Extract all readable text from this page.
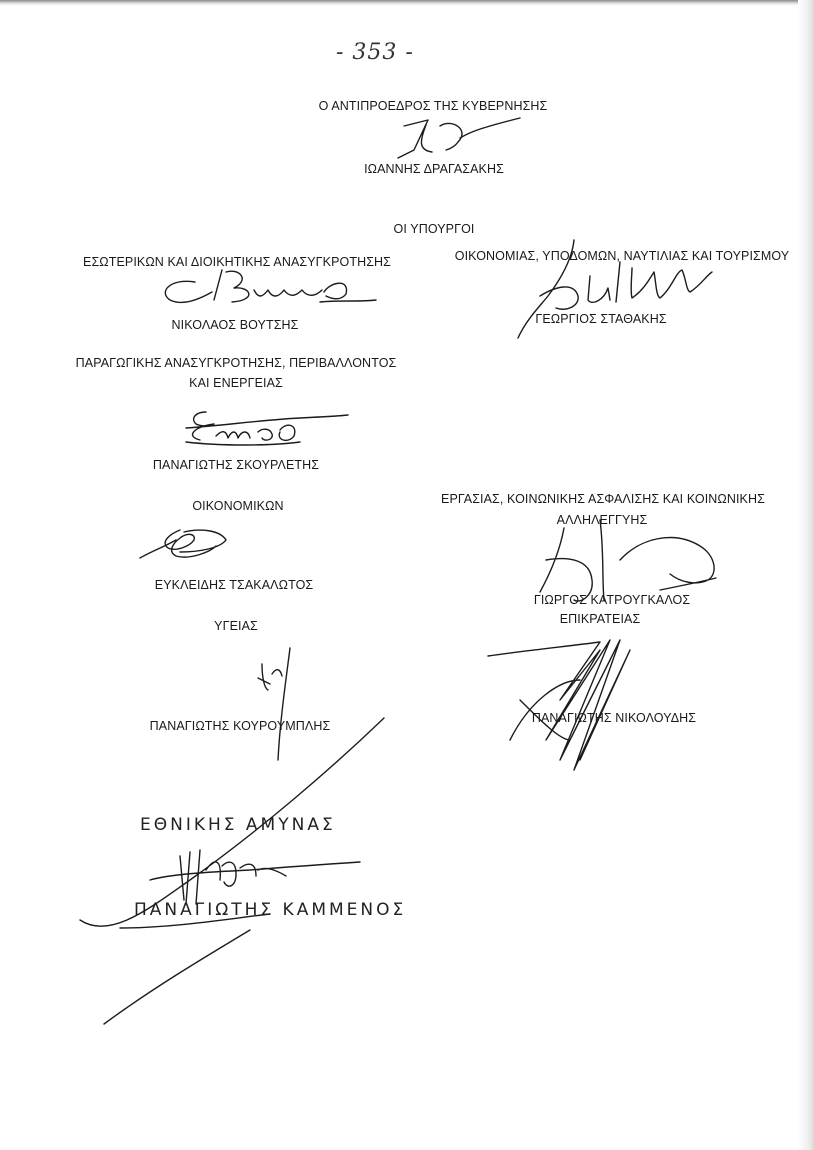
- 353 -
Ο ΑΝΤΙΠΡΟΕΔΡΟΣ ΤΗΣ ΚΥΒΕΡΝΗΣΗΣ
ΙΩΑΝΝΗΣ ΔΡΑΓΑΣΑΚΗΣ
ΟΙ ΥΠΟΥΡΓΟΙ
ΕΣΩΤΕΡΙΚΩΝ ΚΑΙ ΔΙΟΙΚΗΤΙΚΗΣ ΑΝΑΣΥΓΚΡΟΤΗΣΗΣ
ΝΙΚΟΛΑΟΣ ΒΟΥΤΣΗΣ
ΟΙΚΟΝΟΜΙΑΣ, ΥΠΟΔΟΜΩΝ, ΝΑΥΤΙΛΙΑΣ ΚΑΙ ΤΟΥΡΙΣΜΟΥ
ΓΕΩΡΓΙΟΣ ΣΤΑΘΑΚΗΣ
ΠΑΡΑΓΩΓΙΚΗΣ ΑΝΑΣΥΓΚΡΟΤΗΣΗΣ, ΠΕΡΙΒΑΛΛΟΝΤΟΣ
ΚΑΙ ΕΝΕΡΓΕΙΑΣ
ΠΑΝΑΓΙΩΤΗΣ ΣΚΟΥΡΛΕΤΗΣ
ΟΙΚΟΝΟΜΙΚΩΝ
ΕΥΚΛΕΙΔΗΣ ΤΣΑΚΑΛΩΤΟΣ
ΕΡΓΑΣΙΑΣ, ΚΟΙΝΩΝΙΚΗΣ ΑΣΦΑΛΙΣΗΣ ΚΑΙ ΚΟΙΝΩΝΙΚΗΣ
ΑΛΛΗΛΕΓΓΥΗΣ
ΓΙΩΡΓΟΣ ΚΑΤΡΟΥΓΚΑΛΟΣ
ΥΓΕΙΑΣ
ΠΑΝΑΓΙΩΤΗΣ ΚΟΥΡΟΥΜΠΛΗΣ
ΕΠΙΚΡΑΤΕΙΑΣ
ΠΑΝΑΓΙΩΤΗΣ ΝΙΚΟΛΟΥΔΗΣ
ΕΘΝΙΚΗΣ ΑΜΥΝΑΣ
ΠΑΝΑΓΙΩΤΗΣ ΚΑΜΜΕΝΟΣ
